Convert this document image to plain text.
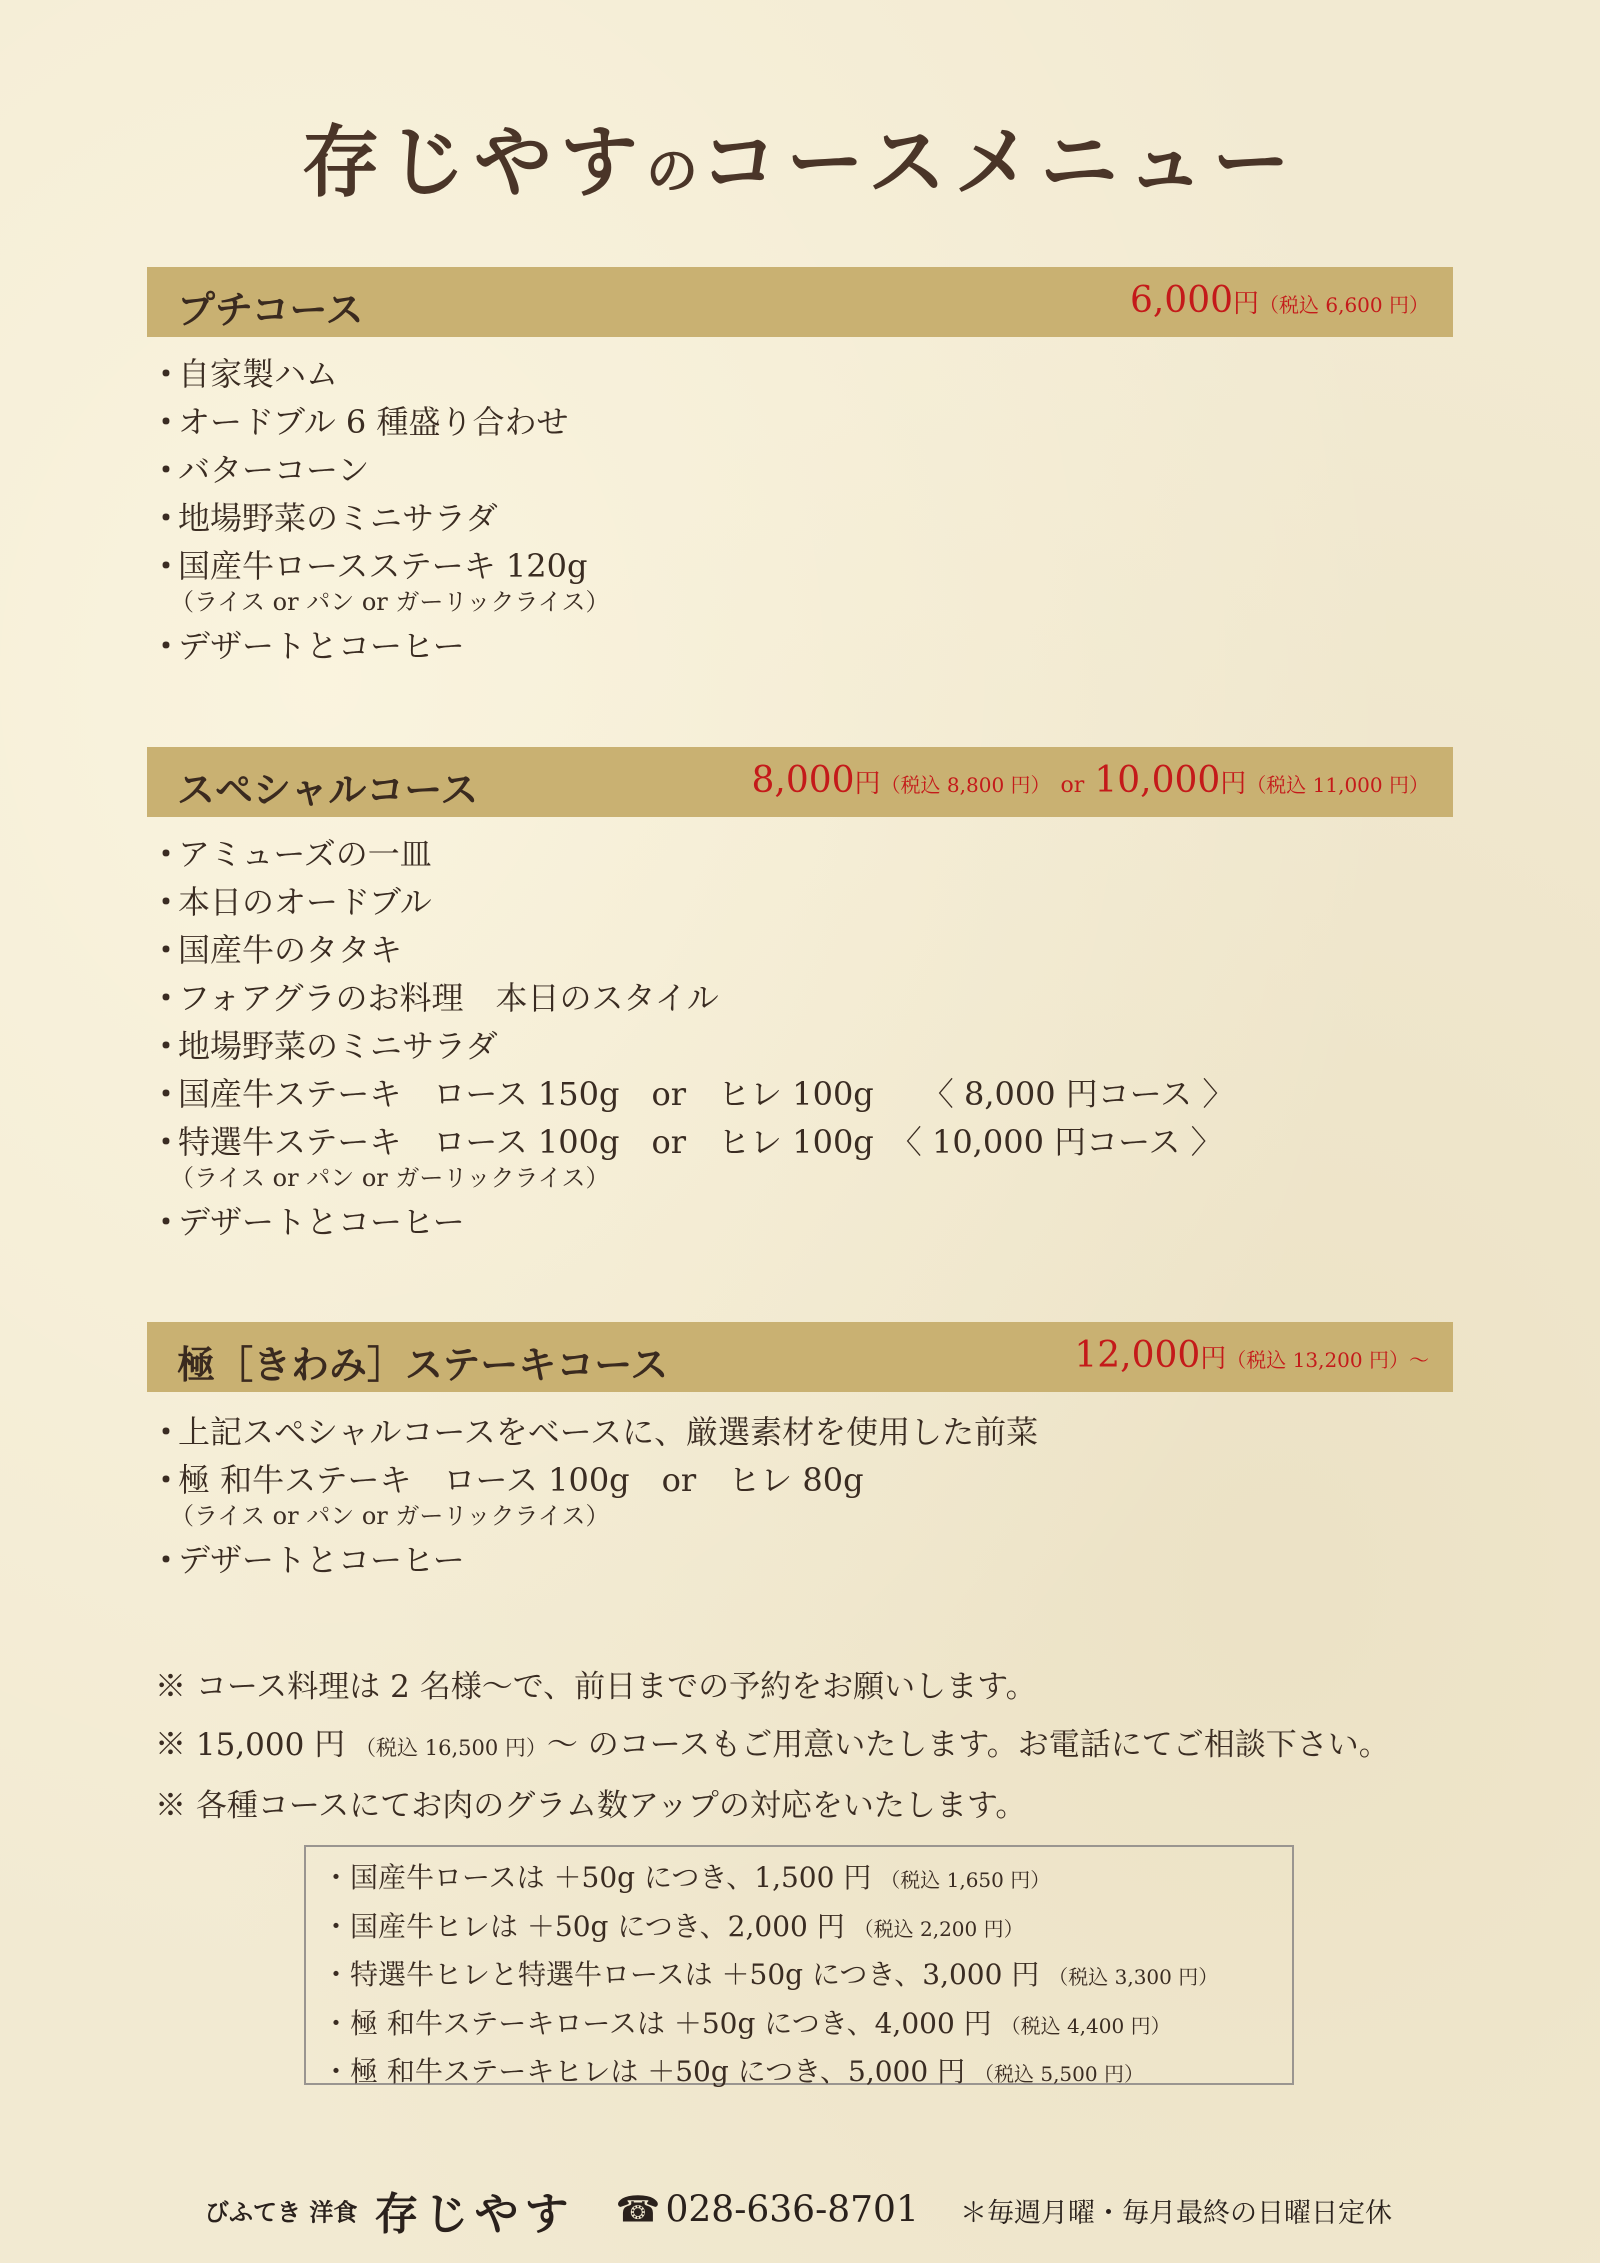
存じやすのコースメニュー
プチコース	6,000円（税込 6,600 円）
・自家製ハム
・オードブル 6 種盛り合わせ
・バターコーン
・地場野菜のミニサラダ
・国産牛ロースステーキ 120g
（ライス or パン or ガーリックライス）
・デザートとコーヒー
スペシャルコース	8,000円（税込 8,800 円） or 10,000円（税込 11,000 円）
・アミューズの一皿
・本日のオードブル
・国産牛のタタキ
・フォアグラのお料理　本日のスタイル
・地場野菜のミニサラダ
・国産牛ステーキ　ロース 150g　or　ヒレ 100g　　〈 8,000 円コース 〉
・特選牛ステーキ　ロース 100g　or　ヒレ 100g　〈 10,000 円コース 〉
（ライス or パン or ガーリックライス）
・デザートとコーヒー
極［きわみ］ステーキコース	12,000円（税込 13,200 円）〜
・上記スペシャルコースをベースに、厳選素材を使用した前菜
・極 和牛ステーキ　ロース 100g　or　ヒレ 80g
（ライス or パン or ガーリックライス）
・デザートとコーヒー
※ コース料理は 2 名様〜で、前日までの予約をお願いします。
※ 15,000 円 （税込 16,500 円）〜 のコースもご用意いたします。お電話にてご相談下さい。
※ 各種コースにてお肉のグラム数アップの対応をいたします。
・国産牛ロースは ＋50g につき、1,500 円 （税込 1,650 円）
・国産牛ヒレは ＋50g につき、2,000 円 （税込 2,200 円）
・特選牛ヒレと特選牛ロースは ＋50g につき、3,000 円 （税込 3,300 円）
・極 和牛ステーキロースは ＋50g につき、4,000 円 （税込 4,400 円）
・極 和牛ステーキヒレは ＋50g につき、5,000 円 （税込 5,500 円）
びふてき 洋食 存じやす ☎ 028-636-8701 ＊毎週月曜・毎月最終の日曜日定休
